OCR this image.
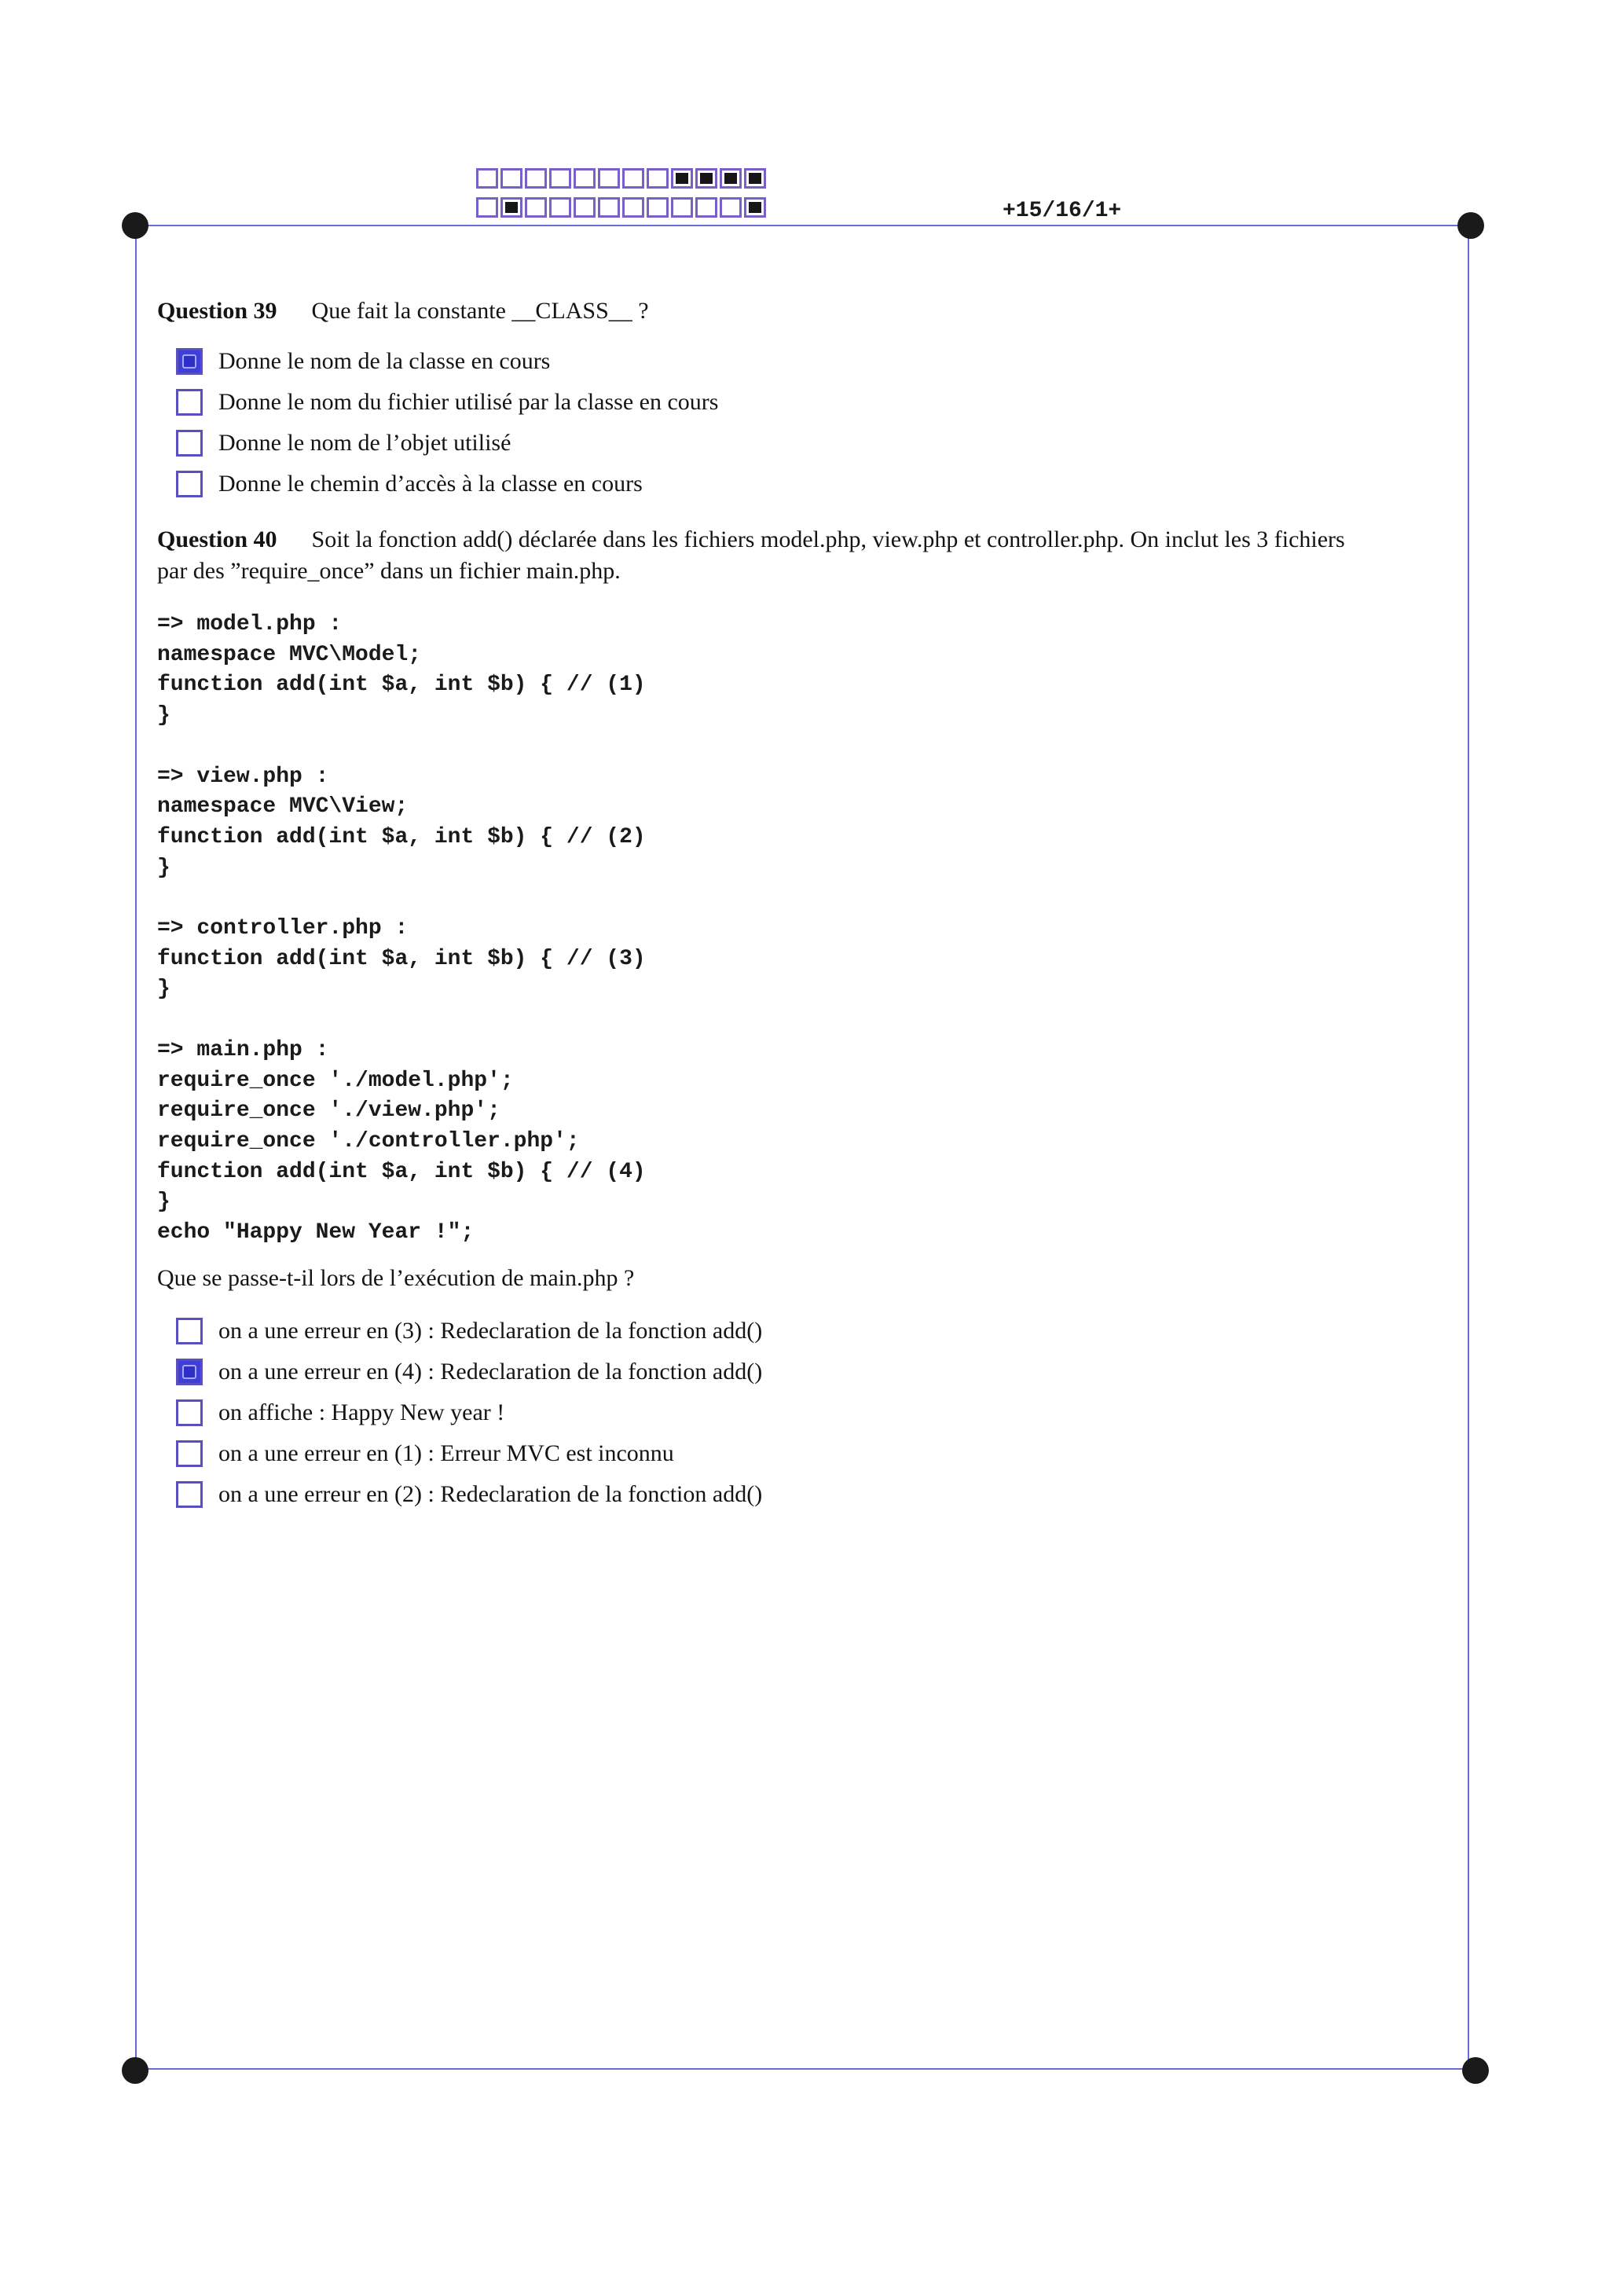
+15/16/1+
Question 39 Que fait la constante __CLASS__ ?
Donne le nom de la classe en cours
Donne le nom du fichier utilisé par la classe en cours
Donne le nom de l’objet utilisé
Donne le chemin d’accès à la classe en cours
Question 40 Soit la fonction add() déclarée dans les fichiers model.php, view.php et controller.php. On inclut les 3 fichiers
par des ”require_once” dans un fichier main.php.
=> model.php :
namespace MVC\Model;
function add(int $a, int $b) { // (1)
}

=> view.php :
namespace MVC\View;
function add(int $a, int $b) { // (2)
}

=> controller.php :
function add(int $a, int $b) { // (3)
}

=> main.php :
require_once './model.php';
require_once './view.php';
require_once './controller.php';
function add(int $a, int $b) { // (4)
}
echo "Happy New Year !";
Que se passe-t-il lors de l’exécution de main.php ?
on a une erreur en (3) : Redeclaration de la fonction add()
on a une erreur en (4) : Redeclaration de la fonction add()
on affiche : Happy New year !
on a une erreur en (1) : Erreur MVC est inconnu
on a une erreur en (2) : Redeclaration de la fonction add()
